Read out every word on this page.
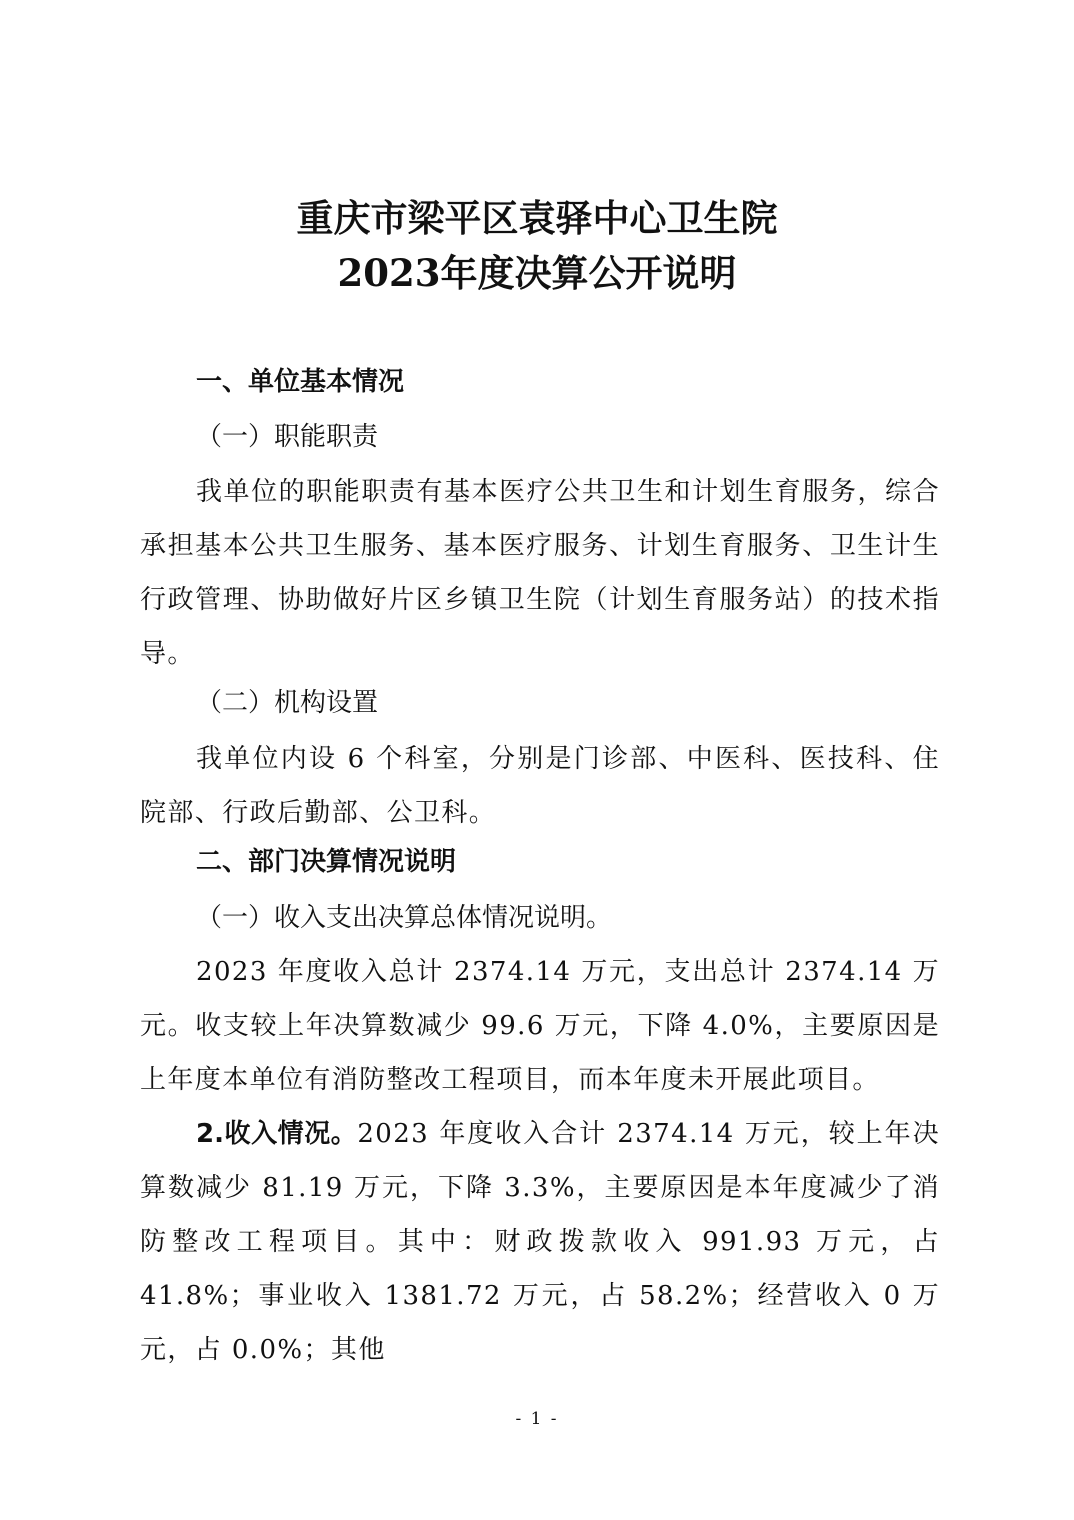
重庆市梁平区袁驿中心卫生院
2023年度决算公开说明
一、单位基本情况
（一）职能职责
我单位的职能职责有基本医疗公共卫生和计划生育服务，综合承担基本公共卫生服务、基本医疗服务、计划生育服务、卫生计生行政管理、协助做好片区乡镇卫生院（计划生育服务站）的技术指导。
（二）机构设置
我单位内设 6 个科室，分别是门诊部、中医科、医技科、住院部、行政后勤部、公卫科。
二、部门决算情况说明
（一）收入支出决算总体情况说明。
2023 年度收入总计 2374.14 万元，支出总计 2374.14 万元。收支较上年决算数减少 99.6 万元，下降 4.0%，主要原因是上年度本单位有消防整改工程项目，而本年度未开展此项目。
2.收入情况。2023 年度收入合计 2374.14 万元，较上年决算数减少 81.19 万元，下降 3.3%，主要原因是本年度减少了消防整改工程项目。其中：财政拨款收入 991.93 万元，占 41.8%；事业收入 1381.72 万元，占 58.2%；经营收入 0 万元，占 0.0%；其他
- 1 -
